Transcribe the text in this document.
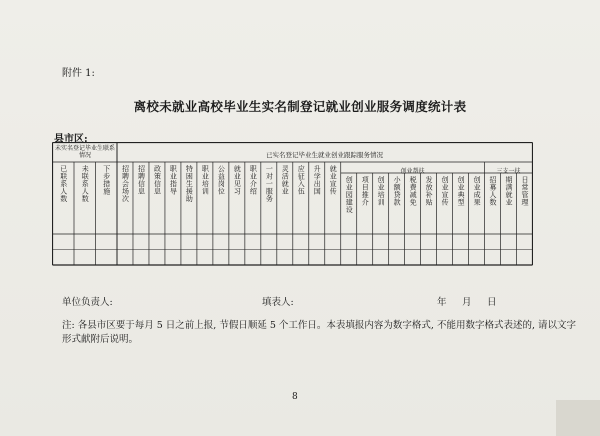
附件 1:
离校未就业高校毕业生实名制登记就业创业服务调度统计表
县市区:
未实名登记毕业生联系情况	已实名登记毕业生就业创业跟踪服务情况
创业帮扶	三支一扶
已联系人数 未联系人数 下步措施 招聘会场次 招聘信息 政策信息 职业指导 特困生援助 职业培训 公益岗位 就业见习 职业介绍 一对一服务 灵活就业 应征入伍 升学出国 就业宣传 创业园建设 项目推介 创业培训 小额贷款 税费减免 发放补贴 创业宣传 创业典型 创业成果 招募人数 期满就业 日常管理
单位负责人:	填表人:	年 月 日
注: 各县市区要于每月 5 日之前上报, 节假日顺延 5 个工作日。本表填报内容为数字格式, 不能用数字格式表述的, 请以文字形式献附后说明。
8
